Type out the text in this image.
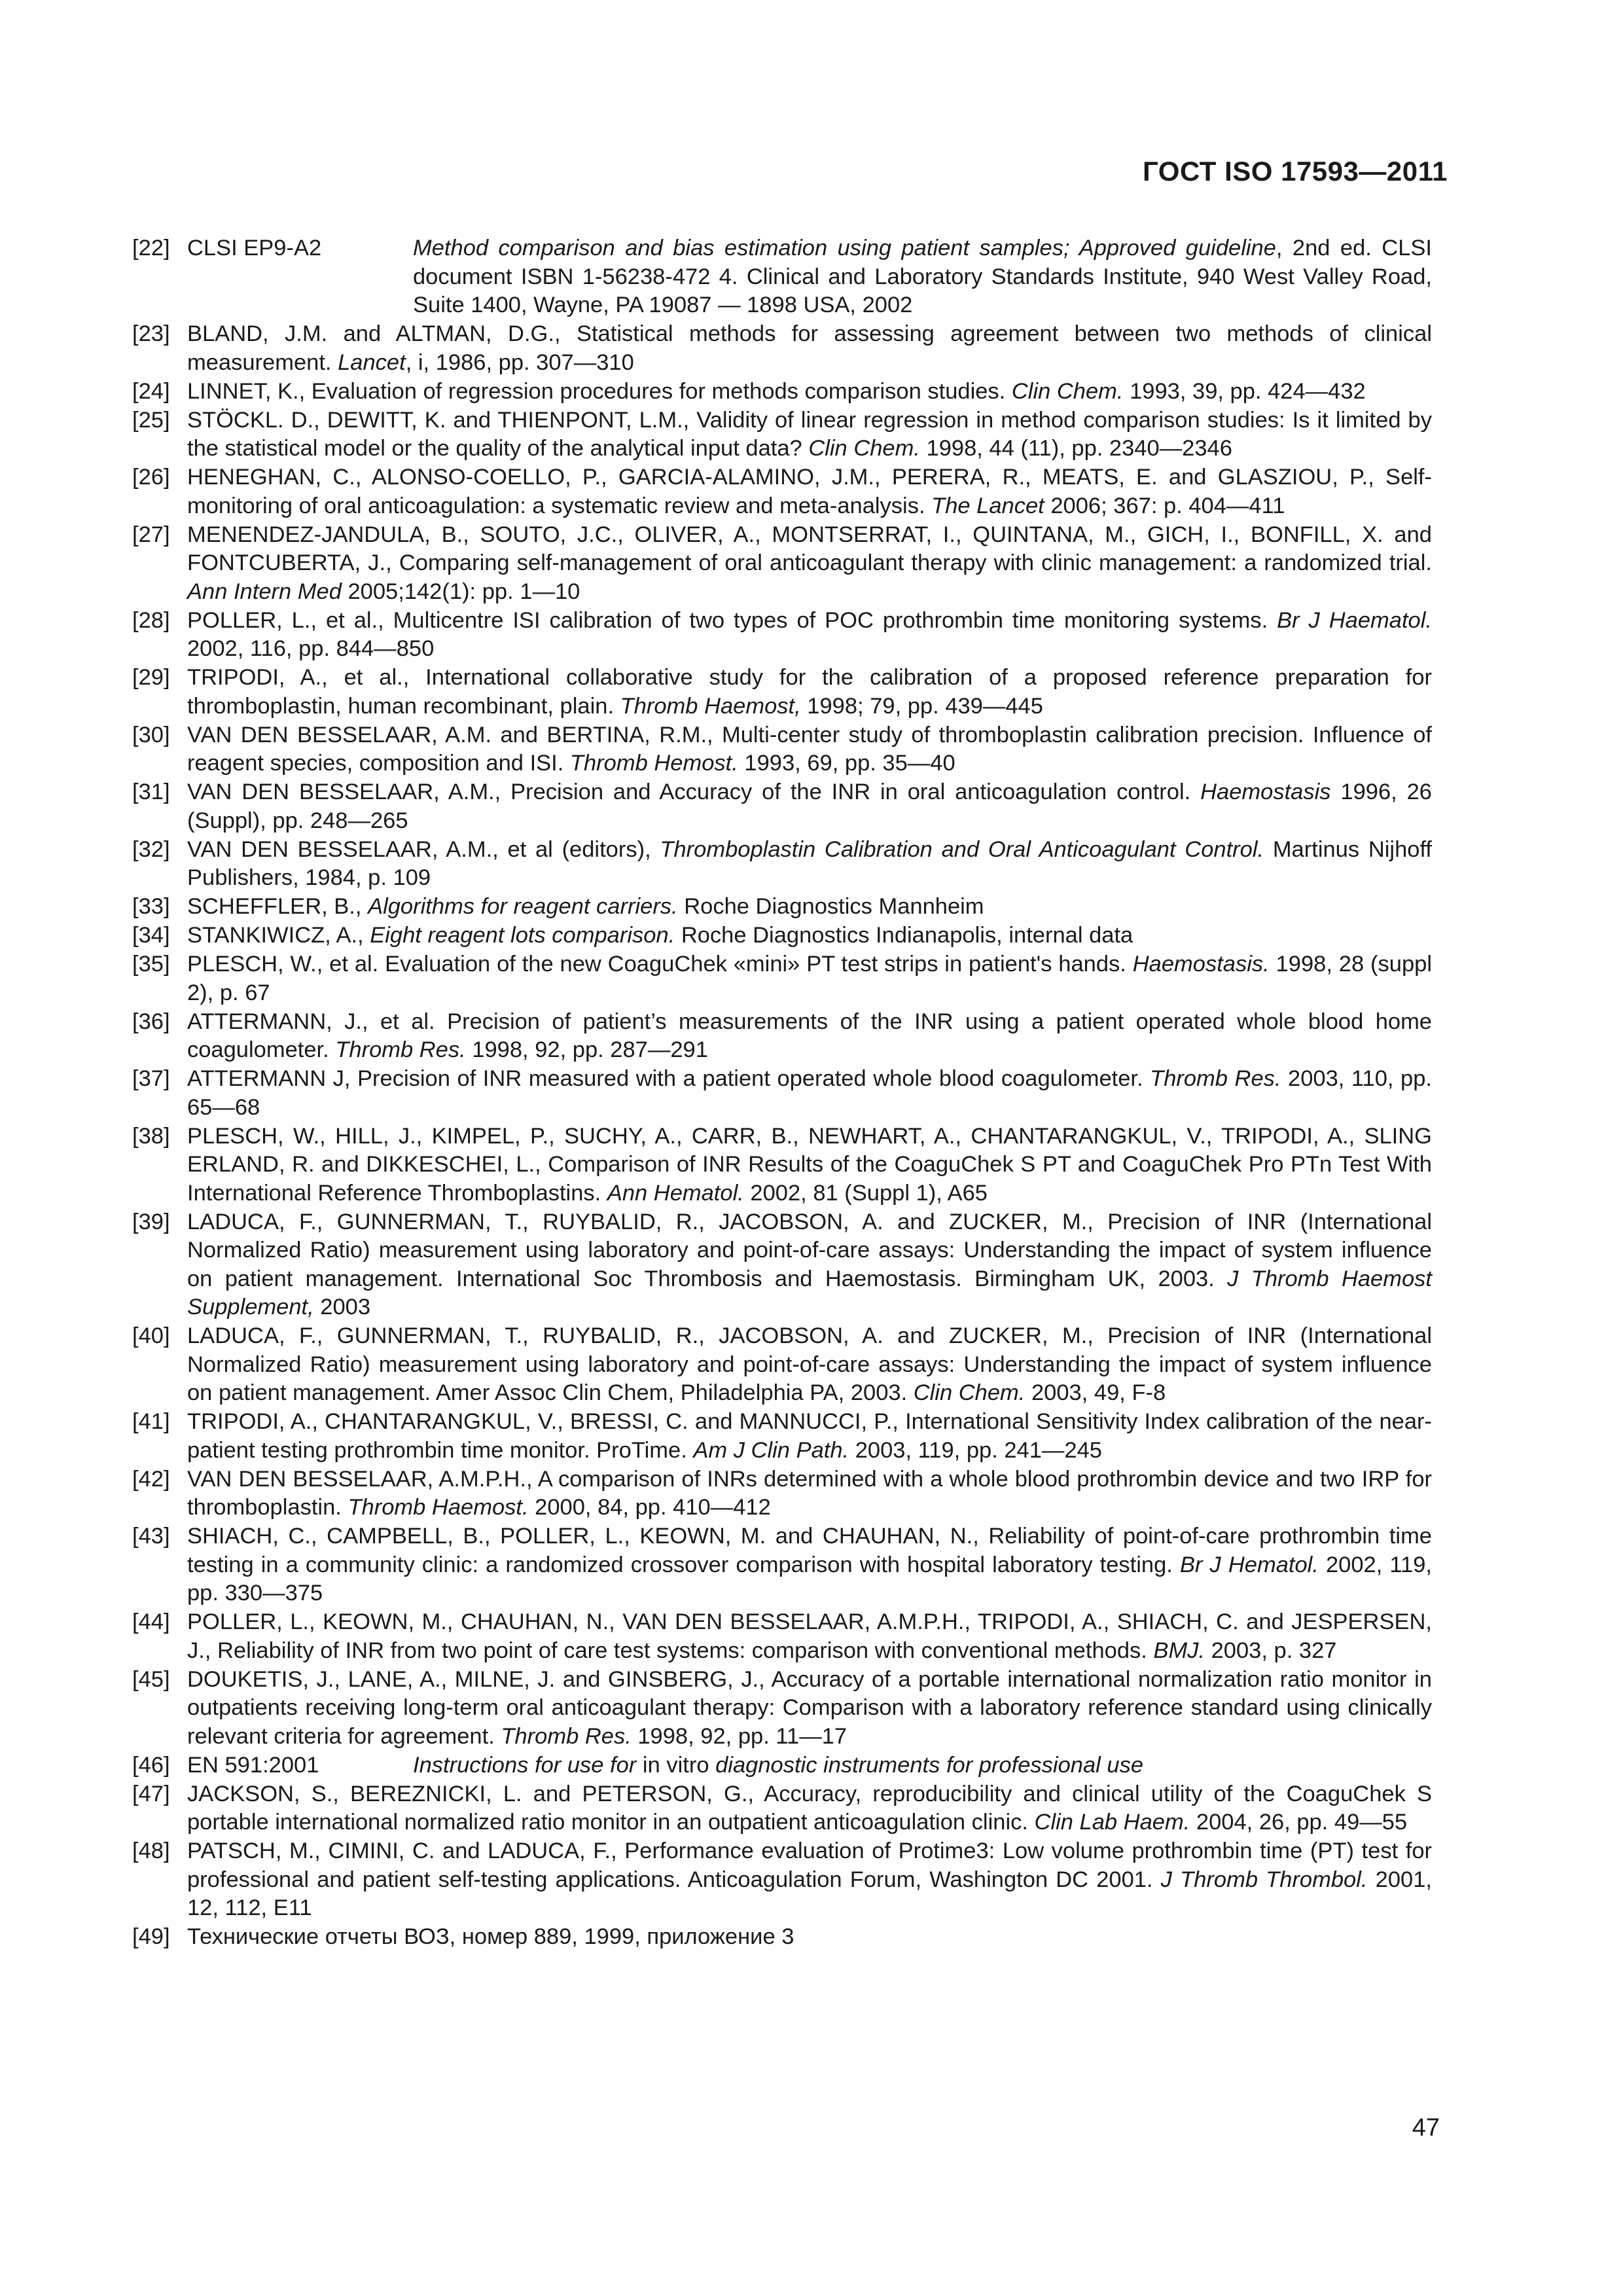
ГОСТ ISO 17593—2011
[22] CLSI EP9-A2	Method comparison and bias estimation using patient samples; Approved guideline, 2nd ed. CLSI document ISBN 1-56238-472 4. Clinical and Laboratory Standards Institute, 940 West Valley Road, Suite 1400, Wayne, PA 19087 — 1898 USA, 2002
[23] BLAND, J.M. and ALTMAN, D.G., Statistical methods for assessing agreement between two methods of clinical measurement. Lancet, i, 1986, pp. 307—310
[24] LINNET, K., Evaluation of regression procedures for methods comparison studies. Clin Chem. 1993, 39, pp. 424—432
[25] STÖCKL. D., DEWITT, K. and THIENPONT, L.M., Validity of linear regression in method comparison studies: Is it limited by the statistical model or the quality of the analytical input data? Clin Chem. 1998, 44 (11), pp. 2340—2346
[26] HENEGHAN, C., ALONSO-COELLO, P., GARCIA-ALAMINO, J.M., PERERA, R., MEATS, E. and GLASZIOU, P., Self-monitoring of oral anticoagulation: a systematic review and meta-analysis. The Lancet 2006; 367: p. 404—411
[27] MENENDEZ-JANDULA, B., SOUTO, J.C., OLIVER, A., MONTSERRAT, I., QUINTANA, M., GICH, I., BONFILL, X. and FONTCUBERTA, J., Comparing self-management of oral anticoagulant therapy with clinic management: a randomized trial. Ann Intern Med 2005;142(1): pp. 1—10
[28] POLLER, L., et al., Multicentre ISI calibration of two types of POC prothrombin time monitoring systems. Br J Haematol. 2002, 116, pp. 844—850
[29] TRIPODI, A., et al., International collaborative study for the calibration of a proposed reference preparation for thromboplastin, human recombinant, plain. Thromb Haemost, 1998; 79, pp. 439—445
[30] VAN DEN BESSELAAR, A.M. and BERTINA, R.M., Multi-center study of thromboplastin calibration precision. Influence of reagent species, composition and ISI. Thromb Hemost. 1993, 69, pp. 35—40
[31] VAN DEN BESSELAAR, A.M., Precision and Accuracy of the INR in oral anticoagulation control. Haemostasis 1996, 26 (Suppl), pp. 248—265
[32] VAN DEN BESSELAAR, A.M., et al (editors), Thromboplastin Calibration and Oral Anticoagulant Control. Martinus Nijhoff Publishers, 1984, p. 109
[33] SCHEFFLER, B., Algorithms for reagent carriers. Roche Diagnostics Mannheim
[34] STANKIWICZ, A., Eight reagent lots comparison. Roche Diagnostics Indianapolis, internal data
[35] PLESCH, W., et al. Evaluation of the new CoaguChek «mini» PT test strips in patient's hands. Haemostasis. 1998, 28 (suppl 2), p. 67
[36] ATTERMANN, J., et al. Precision of patient’s measurements of the INR using a patient operated whole blood home coagulometer. Thromb Res. 1998, 92, pp. 287—291
[37] ATTERMANN J, Precision of INR measured with a patient operated whole blood coagulometer. Thromb Res. 2003, 110, pp. 65—68
[38] PLESCH, W., HILL, J., KIMPEL, P., SUCHY, A., CARR, B., NEWHART, A., CHANTARANGKUL, V., TRIPODI, A., SLING ERLAND, R. and DIKKESCHEI, L., Comparison of INR Results of the CoaguChek S PT and CoaguChek Pro PTn Test With International Reference Thromboplastins. Ann Hematol. 2002, 81 (Suppl 1), A65
[39] LADUCA, F., GUNNERMAN, T., RUYBALID, R., JACOBSON, A. and ZUCKER, M., Precision of INR (International Normalized Ratio) measurement using laboratory and point-of-care assays: Understanding the impact of system influence on patient management. International Soc Thrombosis and Haemostasis. Birmingham UK, 2003. J Thromb Haemost Supplement, 2003
[40] LADUCA, F., GUNNERMAN, T., RUYBALID, R., JACOBSON, A. and ZUCKER, M., Precision of INR (International Normalized Ratio) measurement using laboratory and point-of-care assays: Understanding the impact of system influence on patient management. Amer Assoc Clin Chem, Philadelphia PA, 2003. Clin Chem. 2003, 49, F-8
[41] TRIPODI, A., CHANTARANGKUL, V., BRESSI, C. and MANNUCCI, P., International Sensitivity Index calibration of the near-patient testing prothrombin time monitor. ProTime. Am J Clin Path. 2003, 119, pp. 241—245
[42] VAN DEN BESSELAAR, A.M.P.H., A comparison of INRs determined with a whole blood prothrombin device and two IRP for thromboplastin. Thromb Haemost. 2000, 84, pp. 410—412
[43] SHIACH, C., CAMPBELL, B., POLLER, L., KEOWN, M. and CHAUHAN, N., Reliability of point-of-care prothrombin time testing in a community clinic: a randomized crossover comparison with hospital laboratory testing. Br J Hematol. 2002, 119, pp. 330—375
[44] POLLER, L., KEOWN, M., CHAUHAN, N., VAN DEN BESSELAAR, A.M.P.H., TRIPODI, A., SHIACH, C. and JESPERSEN, J., Reliability of INR from two point of care test systems: comparison with conventional methods. BMJ. 2003, p. 327
[45] DOUKETIS, J., LANE, A., MILNE, J. and GINSBERG, J., Accuracy of a portable international normalization ratio monitor in outpatients receiving long-term oral anticoagulant therapy: Comparison with a laboratory reference standard using clinically relevant criteria for agreement. Thromb Res. 1998, 92, pp. 11—17
[46] EN 591:2001	Instructions for use for in vitro diagnostic instruments for professional use
[47] JACKSON, S., BEREZNICKI, L. and PETERSON, G., Accuracy, reproducibility and clinical utility of the CoaguChek S portable international normalized ratio monitor in an outpatient anticoagulation clinic. Clin Lab Haem. 2004, 26, pp. 49—55
[48] PATSCH, M., CIMINI, C. and LADUCA, F., Performance evaluation of Protime3: Low volume prothrombin time (PT) test for professional and patient self-testing applications. Anticoagulation Forum, Washington DC 2001. J Thromb Thrombol. 2001, 12, 112, E11
[49] Технические отчеты ВОЗ, номер 889, 1999, приложение 3
47
